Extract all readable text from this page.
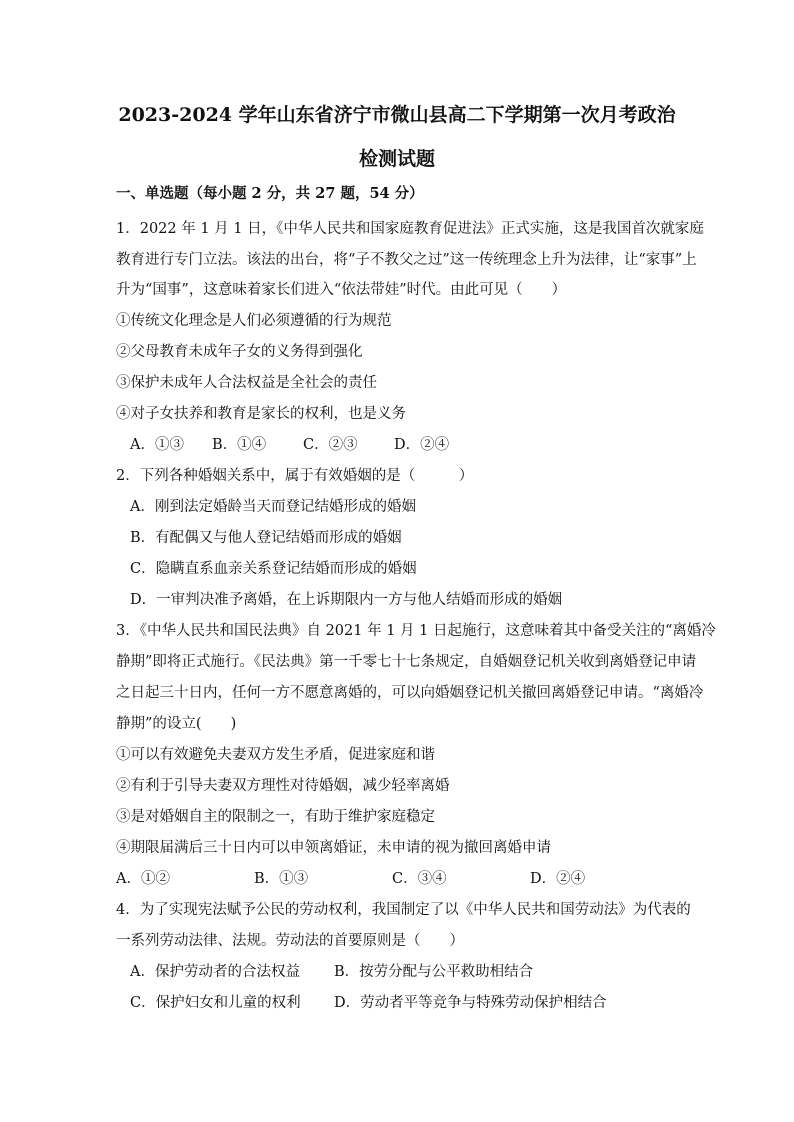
2023-2024 学年山东省济宁市微山县高二下学期第一次月考政治
检测试题
一、单选题（每小题 2 分，共 27 题，54 分）
1．2022 年 1 月 1 日，《中华人民共和国家庭教育促进法》正式实施，这是我国首次就家庭
教育进行专门立法。该法的出台，将“子不教父之过”这一传统理念上升为法律，让“家事”上
升为“国事”，这意味着家长们进入“依法带娃”时代。由此可见（　　）
①传统文化理念是人们必须遵循的行为规范
②父母教育未成年子女的义务得到强化
③保护未成年人合法权益是全社会的责任
④对子女扶养和教育是家长的权利，也是义务
A．①③ B．①④	C．②③	D．②④
2．下列各种婚姻关系中，属于有效婚姻的是（　　　）
A．刚到法定婚龄当天而登记结婚形成的婚姻
B．有配偶又与他人登记结婚而形成的婚姻
C．隐瞒直系血亲关系登记结婚而形成的婚姻
D．一审判决准予离婚，在上诉期限内一方与他人结婚而形成的婚姻
3．《中华人民共和国民法典》自 2021 年 1 月 1 日起施行，这意味着其中备受关注的“离婚冷
静期”即将正式施行。《民法典》第一千零七十七条规定，自婚姻登记机关收到离婚登记申请
之日起三十日内，任何一方不愿意离婚的，可以向婚姻登记机关撤回离婚登记申请。“离婚冷
静期”的设立(　　)
①可以有效避免夫妻双方发生矛盾，促进家庭和谐
②有利于引导夫妻双方理性对待婚姻，减少轻率离婚
③是对婚姻自主的限制之一，有助于维护家庭稳定
④期限届满后三十日内可以申领离婚证，未申请的视为撤回离婚申请
A．①②	B．①③	C．③④	D．②④
4．为了实现宪法赋予公民的劳动权利，我国制定了以《中华人民共和国劳动法》为代表的
一系列劳动法律、法规。劳动法的首要原则是（　　）
A．保护劳动者的合法权益 B．按劳分配与公平救助相结合
C．保护妇女和儿童的权利 D．劳动者平等竞争与特殊劳动保护相结合
